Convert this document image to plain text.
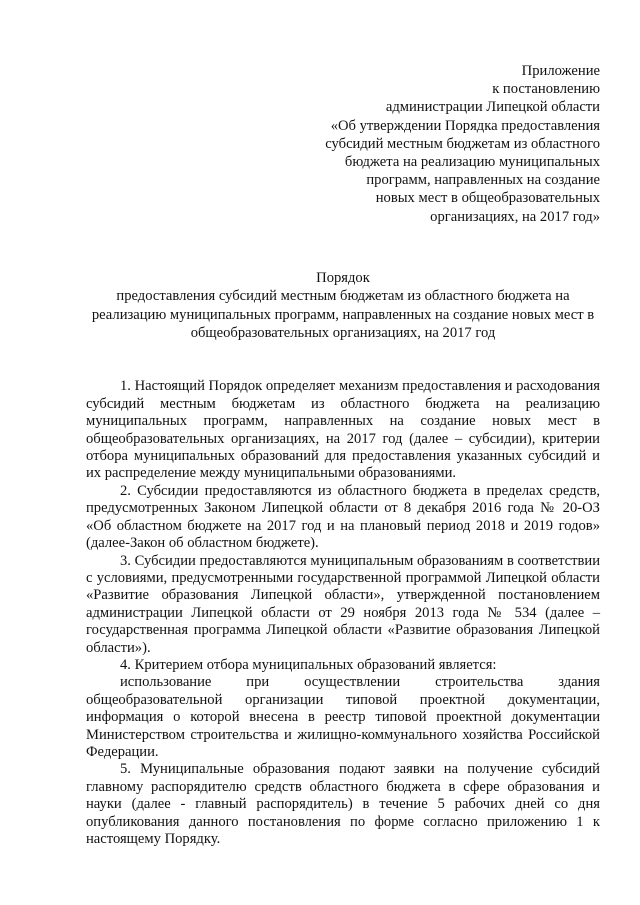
Приложение
к постановлению
администрации Липецкой области
«Об утверждении Порядка предоставления
субсидий местным бюджетам из областного
бюджета на реализацию муниципальных
программ, направленных на создание
новых мест в общеобразовательных
организациях, на 2017 год»
Порядок
предоставления субсидий местным бюджетам из областного бюджета на
реализацию муниципальных программ, направленных на создание новых мест в
общеобразовательных организациях, на 2017 год

1. Настоящий Порядок определяет механизм предоставления и расходования субсидий местным бюджетам из областного бюджета на реализацию муниципальных программ, направленных на создание новых мест в общеобразовательных организациях, на 2017 год (далее – субсидии), критерии отбора муниципальных образований для предоставления указанных субсидий и их распределение между муниципальными образованиями.

2. Субсидии предоставляются из областного бюджета в пределах средств, предусмотренных Законом Липецкой области от 8 декабря 2016 года № 20-ОЗ «Об областном бюджете на 2017 год и на плановый период 2018 и 2019 годов» (далее-Закон об областном бюджете).

3. Субсидии предоставляются муниципальным образованиям в соответствии с условиями, предусмотренными государственной программой Липецкой области «Развитие образования Липецкой области», утвержденной постановлением администрации Липецкой области от 29 ноября 2013 года № 534 (далее – государственная программа Липецкой области «Развитие образования Липецкой области»).

4. Критерием отбора муниципальных образований является:

использование при осуществлении строительства здания общеобразовательной организации типовой проектной документации, информация о которой внесена в реестр типовой проектной документации Министерством строительства и жилищно-коммунального хозяйства Российской Федерации.

5. Муниципальные образования подают заявки на получение субсидий главному распорядителю средств областного бюджета в сфере образования и науки (далее - главный распорядитель) в течение 5 рабочих дней со дня опубликования данного постановления по форме согласно приложению 1 к настоящему Порядку.
